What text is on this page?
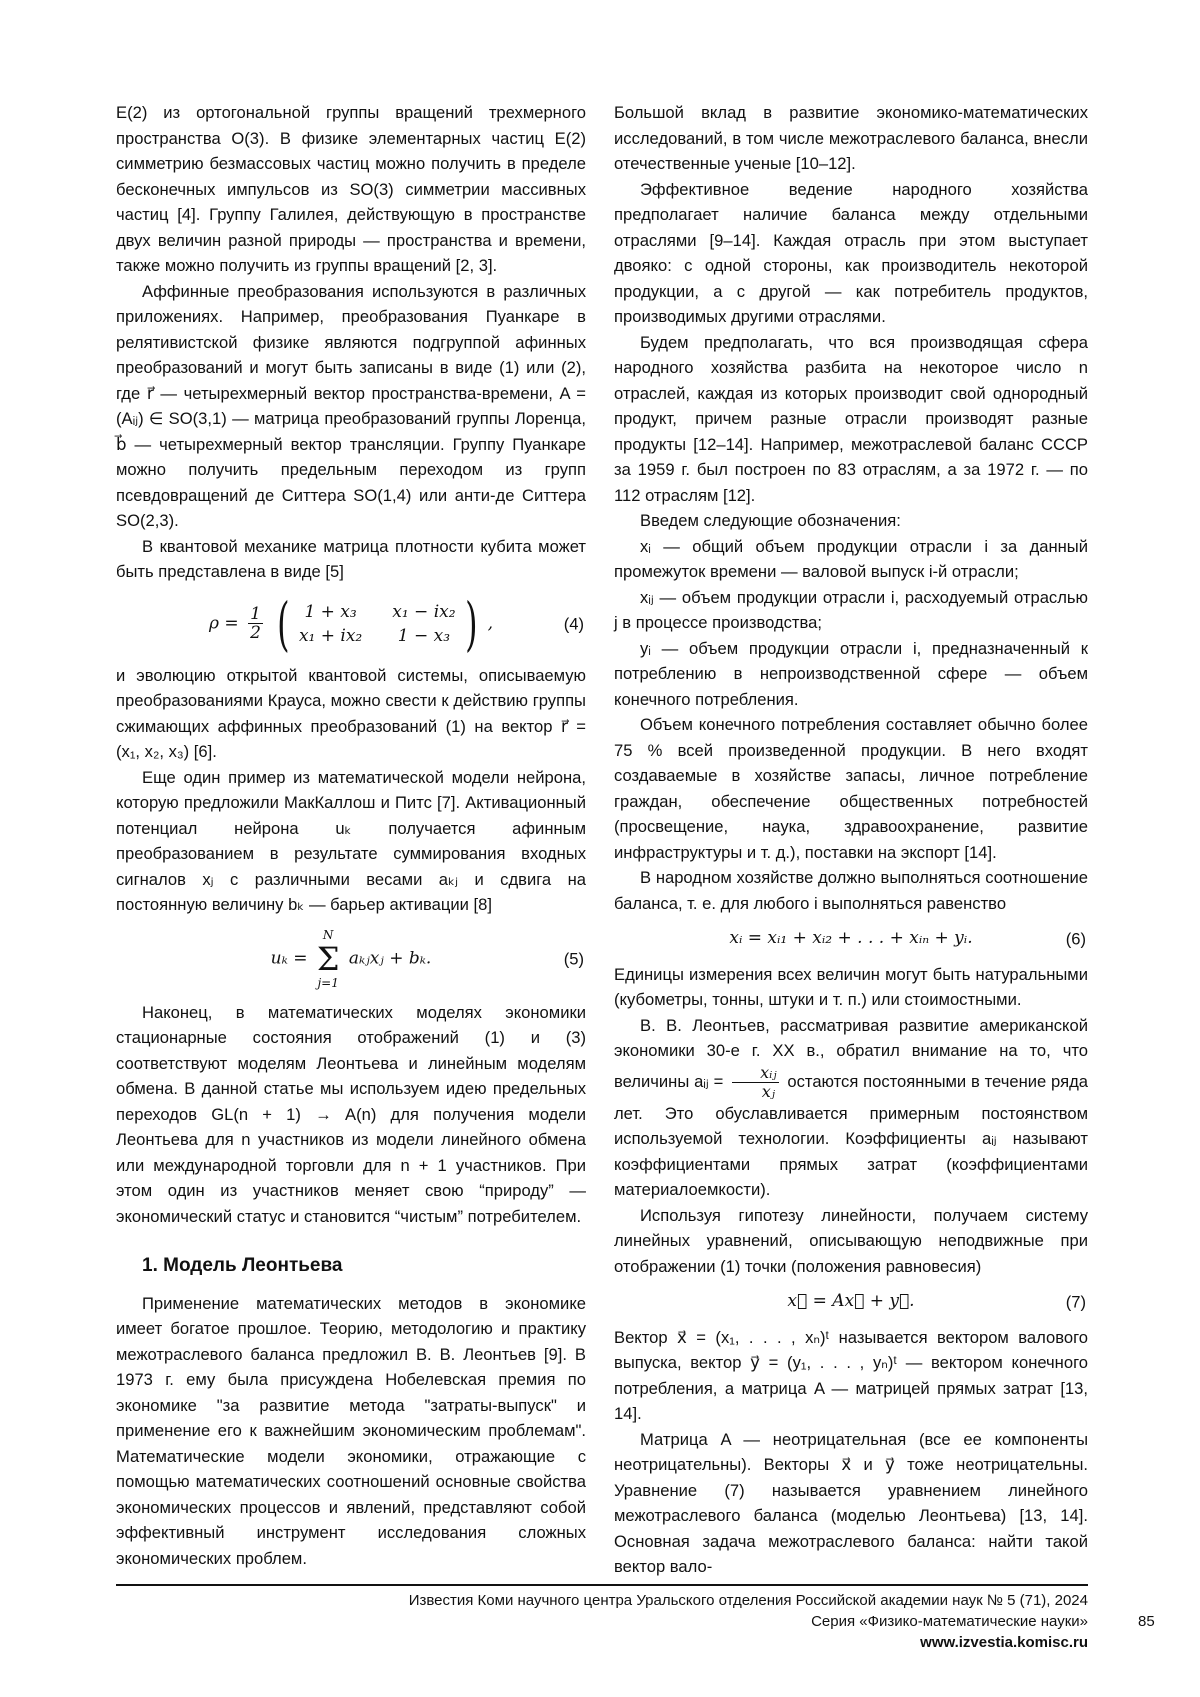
E(2) из ортогональной группы вращений трехмерного пространства O(3). В физике элементарных частиц E(2) симметрию безмассовых частиц можно получить в пределе бесконечных импульсов из SO(3) симметрии массивных частиц [4]. Группу Галилея, действующую в пространстве двух величин разной природы — пространства и времени, также можно получить из группы вращений [2, 3].

Аффинные преобразования используются в различных приложениях. Например, преобразования Пуанкаре в релятивистской физике являются подгруппой афинных преобразований и могут быть записаны в виде (1) или (2), где r⃗ — четырехмерный вектор пространства-времени, A = (Aᵢⱼ) ∈ SO(3,1) — матрица преобразований группы Лоренца, b⃗ — четырехмерный вектор трансляции. Группу Пуанкаре можно получить предельным переходом из групп псевдовращений де Ситтера SO(1,4) или анти-де Ситтера SO(2,3).

В квантовой механике матрица плотности кубита может быть представлена в виде [5]

$\rho = \frac{1}{2}$
( 1 + x₃	x₁ − ix₂
x₁ + ix₂	1 − x₃ ) ,	(4)

и эволюцию открытой квантовой системы, описываемую преобразованиями Крауса, можно свести к действию группы сжимающих аффинных преобразований (1) на вектор r⃗ = (x₁, x₂, x₃) [6].

Еще один пример из математической модели нейрона, которую предложили МакКаллош и Питс [7]. Активационный потенциал нейрона uₖ получается афинным преобразованием в результате суммирования входных сигналов xⱼ с различными весами aₖⱼ и сдвига на постоянную величину bₖ — барьер активации [8]

uₖ =
N
Σ
j=1
aₖⱼxⱼ + bₖ.	(5)

Наконец, в математических моделях экономики стационарные состояния отображений (1) и (3) соответствуют моделям Леонтьева и линейным моделям обмена. В данной статье мы используем идею предельных переходов GL(n + 1) → A(n) для получения модели Леонтьева для n участников из модели линейного обмена или международной торговли для n + 1 участников. При этом один из участников меняет свою “природу” — экономический статус и становится “чистым” потребителем.

1. Модель Леонтьева

Применение математических методов в экономике имеет богатое прошлое. Теорию, методологию и практику межотраслевого баланса предложил В. В. Леонтьев [9]. В 1973 г. ему была присуждена Нобелевская премия по экономике "за развитие метода "затраты-выпуск" и применение его к важнейшим экономическим проблемам". Математические модели экономики, отражающие с помощью математических соотношений основные свойства экономических процессов и явлений, представляют собой эффективный инструмент исследования сложных экономических проблем.

Большой вклад в развитие экономико-математических исследований, в том числе межотраслевого баланса, внесли отечественные ученые [10–12].

Эффективное ведение народного хозяйства предполагает наличие баланса между отдельными отраслями [9–14]. Каждая отрасль при этом выступает двояко: с одной стороны, как производитель некоторой продукции, а с другой — как потребитель продуктов, производимых другими отраслями.

Будем предполагать, что вся производящая сфера народного хозяйства разбита на некоторое число n отраслей, каждая из которых производит свой однородный продукт, причем разные отрасли производят разные продукты [12–14]. Например, межотраслевой баланс СССР за 1959 г. был построен по 83 отраслям, а за 1972 г. — по 112 отраслям [12].

Введем следующие обозначения:

xᵢ — общий объем продукции отрасли i за данный промежуток времени — валовой выпуск i-й отрасли;

xᵢⱼ — объем продукции отрасли i, расходуемый отраслью j в процессе производства;

yᵢ — объем продукции отрасли i, предназначенный к потреблению в непроизводственной сфере — объем конечного потребления.

Объем конечного потребления составляет обычно более 75 % всей произведенной продукции. В него входят создаваемые в хозяйстве запасы, личное потребление граждан, обеспечение общественных потребностей (просвещение, наука, здравоохранение, развитие инфраструктуры и т. д.), поставки на экспорт [14].

В народном хозяйстве должно выполняться соотношение баланса, т. е. для любого i выполняться равенство

xᵢ = xᵢ₁ + xᵢ₂ + . . . + xᵢₙ + yᵢ.	(6)

Единицы измерения всех величин могут быть натуральными (кубометры, тонны, штуки и т. п.) или стоимостными.

В. В. Леонтьев, рассматривая развитие американской экономики 30-е г. XX в., обратил внимание на то, что величины aᵢⱼ = $\frac{\text{xᵢⱼ}}{\text{xⱼ}}$ остаются постоянными в течение ряда лет. Это обуславливается примерным постоянством используемой технологии. Коэффициенты aᵢⱼ называют коэффициентами прямых затрат (коэффициентами материалоемкости).

Используя гипотезу линейности, получаем систему линейных уравнений, описывающую неподвижные при отображении (1) точки (положения равновесия)

x⃗ = Ax⃗ + y⃗.	(7)

Вектор x⃗ = (x₁, . . . , xₙ)ᵗ называется вектором валового выпуска, вектор y⃗ = (y₁, . . . , yₙ)ᵗ — вектором конечного потребления, а матрица A — матрицей прямых затрат [13, 14].

Матрица A — неотрицательная (все ее компоненты неотрицательны). Векторы x⃗ и y⃗ тоже неотрицательны. Уравнение (7) называется уравнением линейного межотраслевого баланса (моделью Леонтьева) [13, 14]. Основная задача межотраслевого баланса: найти такой вектор вало-

Известия Коми научного центра Уральского отделения Российской академии наук № 5 (71), 2024
Серия «Физико-математические науки»
www.izvestia.komisc.ru
85
